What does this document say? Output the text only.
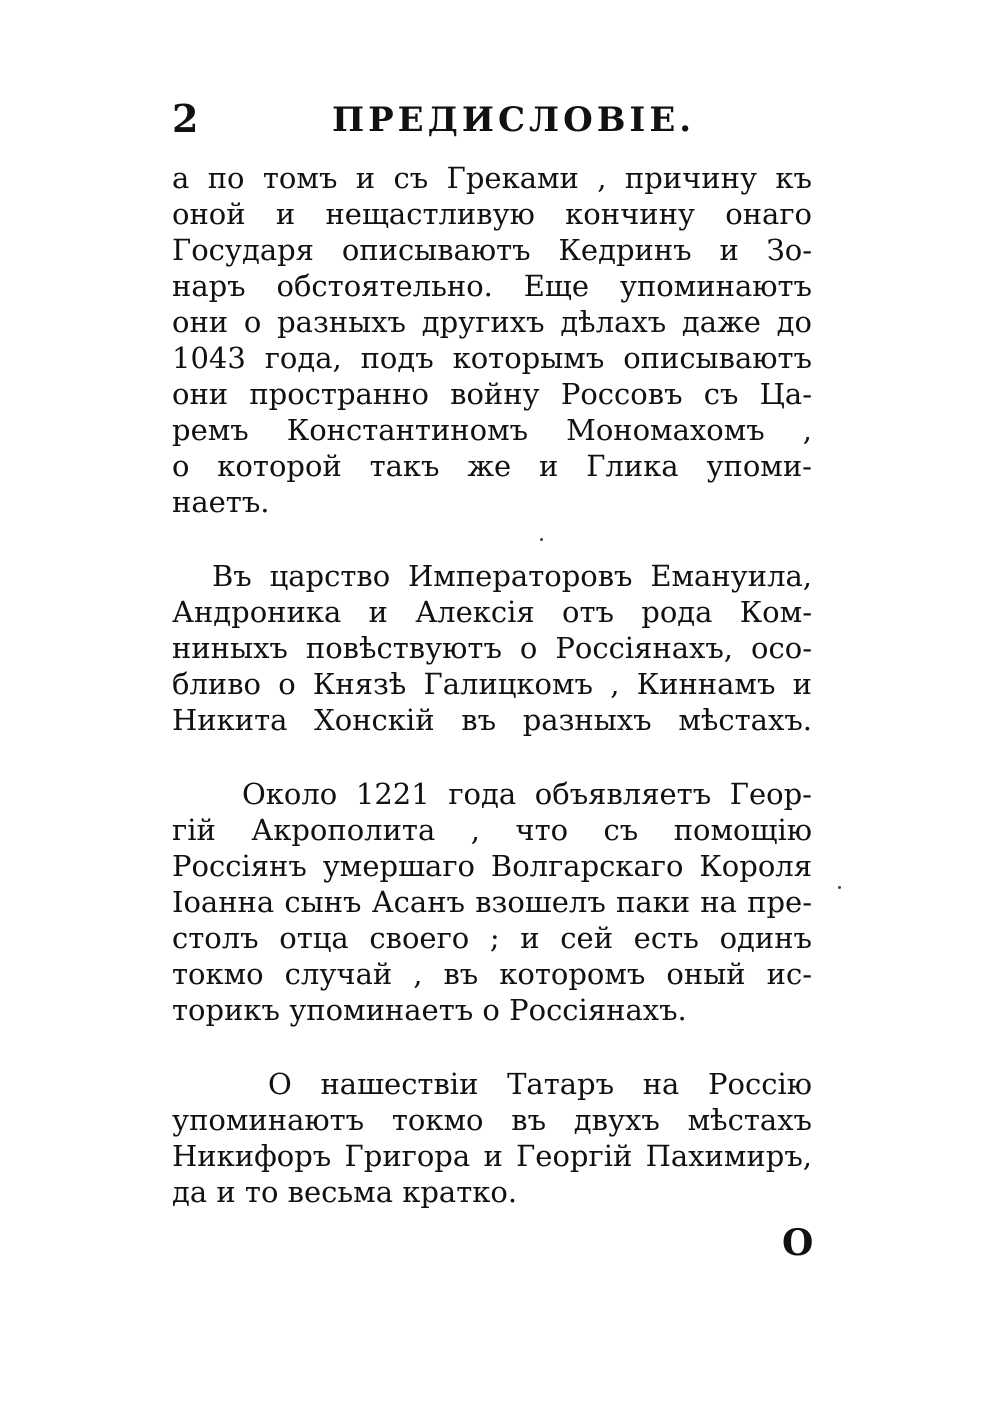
2	ПРЕДИСЛОВІЕ.
а по томъ и съ Греками , причину къ
оной и нещастливую кончину онаго
Государя описываютъ Кедринъ и Зо-
наръ обстоятельно. Еще упоминаютъ
они о разныхъ другихъ дѣлахъ даже до
1043 года, подъ которымъ описываютъ
они пространно войну Россовъ съ Ца-
ремъ Константиномъ Мономахомъ ,
о которой такъ же и Глика упоми-
наетъ.
Въ царство Императоровъ Емануила,
Андроника и Алексія отъ рода Ком-
ниныхъ повѣствуютъ о Россіянахъ, осо-
бливо о Князѣ Галицкомъ , Киннамъ и
Никита Хонскій въ разныхъ мѣстахъ.
Около 1221 года объявляетъ Геор-
гій Акрополита , что съ помощію
Россіянъ умершаго Волгарскаго Короля
Іоанна сынъ Асанъ взошелъ паки на пре-
столъ отца своего ; и сей есть одинъ
токмо случай , въ которомъ оный ис-
торикъ упоминаетъ о Россіянахъ.
О нашествіи Татаръ на Россію
упоминаютъ токмо въ двухъ мѣстахъ
Никифоръ Григора и Георгій Пахимиръ,
да и то весьма кратко.
О
